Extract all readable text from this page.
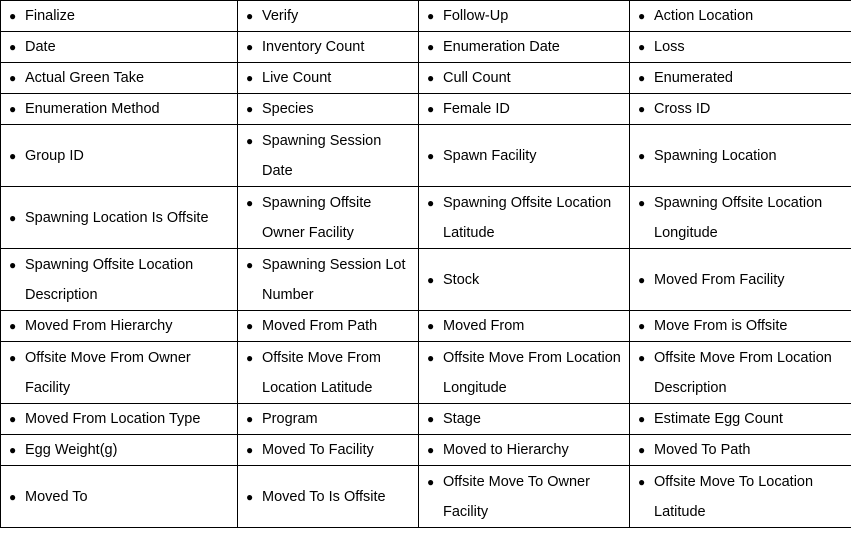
● Finalize	● Verify	● Follow-Up	● Action Location

● Date	● Inventory Count	● Enumeration Date	● Loss

● Actual Green Take	● Live Count	● Cull Count	● Enumerated

● Enumeration Method	● Species	● Female ID	● Cross ID

● Group ID	● Spawning Session Date	● Spawn Facility	● Spawning Location

● Spawning Location Is Offsite	● Spawning Offsite Owner Facility	● Spawning Offsite Location Latitude	● Spawning Offsite Location Longitude

● Spawning Offsite Location Description	● Spawning Session Lot Number	● Stock	● Moved From Facility

● Moved From Hierarchy	● Moved From Path	● Moved From	● Move From is Offsite

● Offsite Move From Owner Facility	● Offsite Move From Location Latitude	● Offsite Move From Location Longitude	● Offsite Move From Location Description

● Moved From Location Type	● Program	● Stage	● Estimate Egg Count

● Egg Weight(g)	● Moved To Facility	● Moved to Hierarchy	● Moved To Path

● Moved To	● Moved To Is Offsite	● Offsite Move To Owner Facility	● Offsite Move To Location Latitude
